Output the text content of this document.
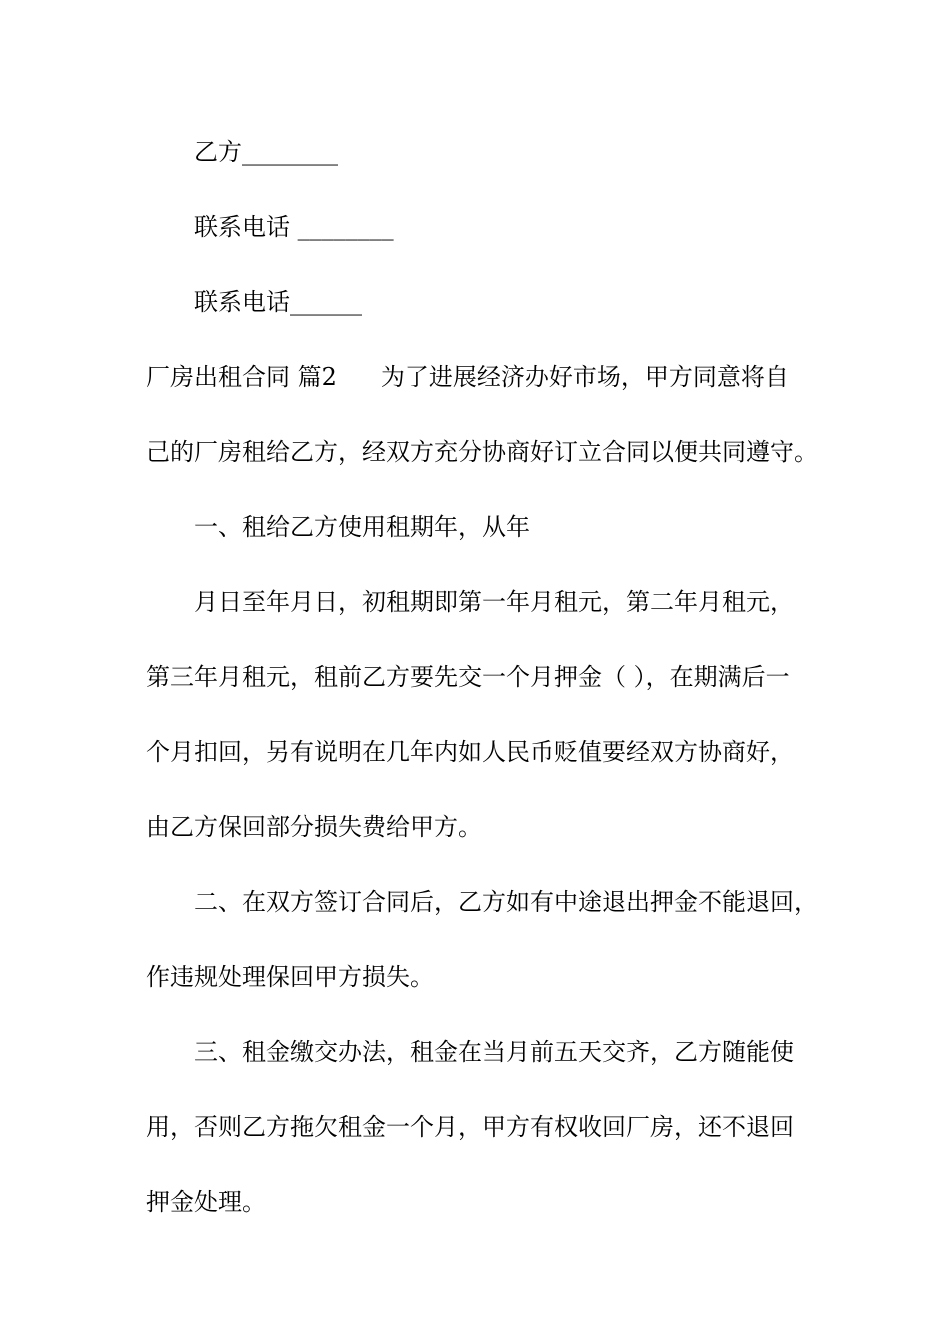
乙方________
联系电话 ________
联系电话______
厂房出租合同 篇2 为了进展经济办好市场，甲方同意将自
己的厂房租给乙方，经双方充分协商好订立合同以便共同遵守。
一、租给乙方使用租期年，从年
月日至年月日，初租期即第一年月租元，第二年月租元，
第三年月租元，租前乙方要先交一个月押金（ ），在期满后一
个月扣回，另有说明在几年内如人民币贬值要经双方协商好，
由乙方保回部分损失费给甲方。
二、在双方签订合同后，乙方如有中途退出押金不能退回，
作违规处理保回甲方损失。
三、租金缴交办法，租金在当月前五天交齐，乙方随能使
用，否则乙方拖欠租金一个月，甲方有权收回厂房，还不退回
押金处理。
